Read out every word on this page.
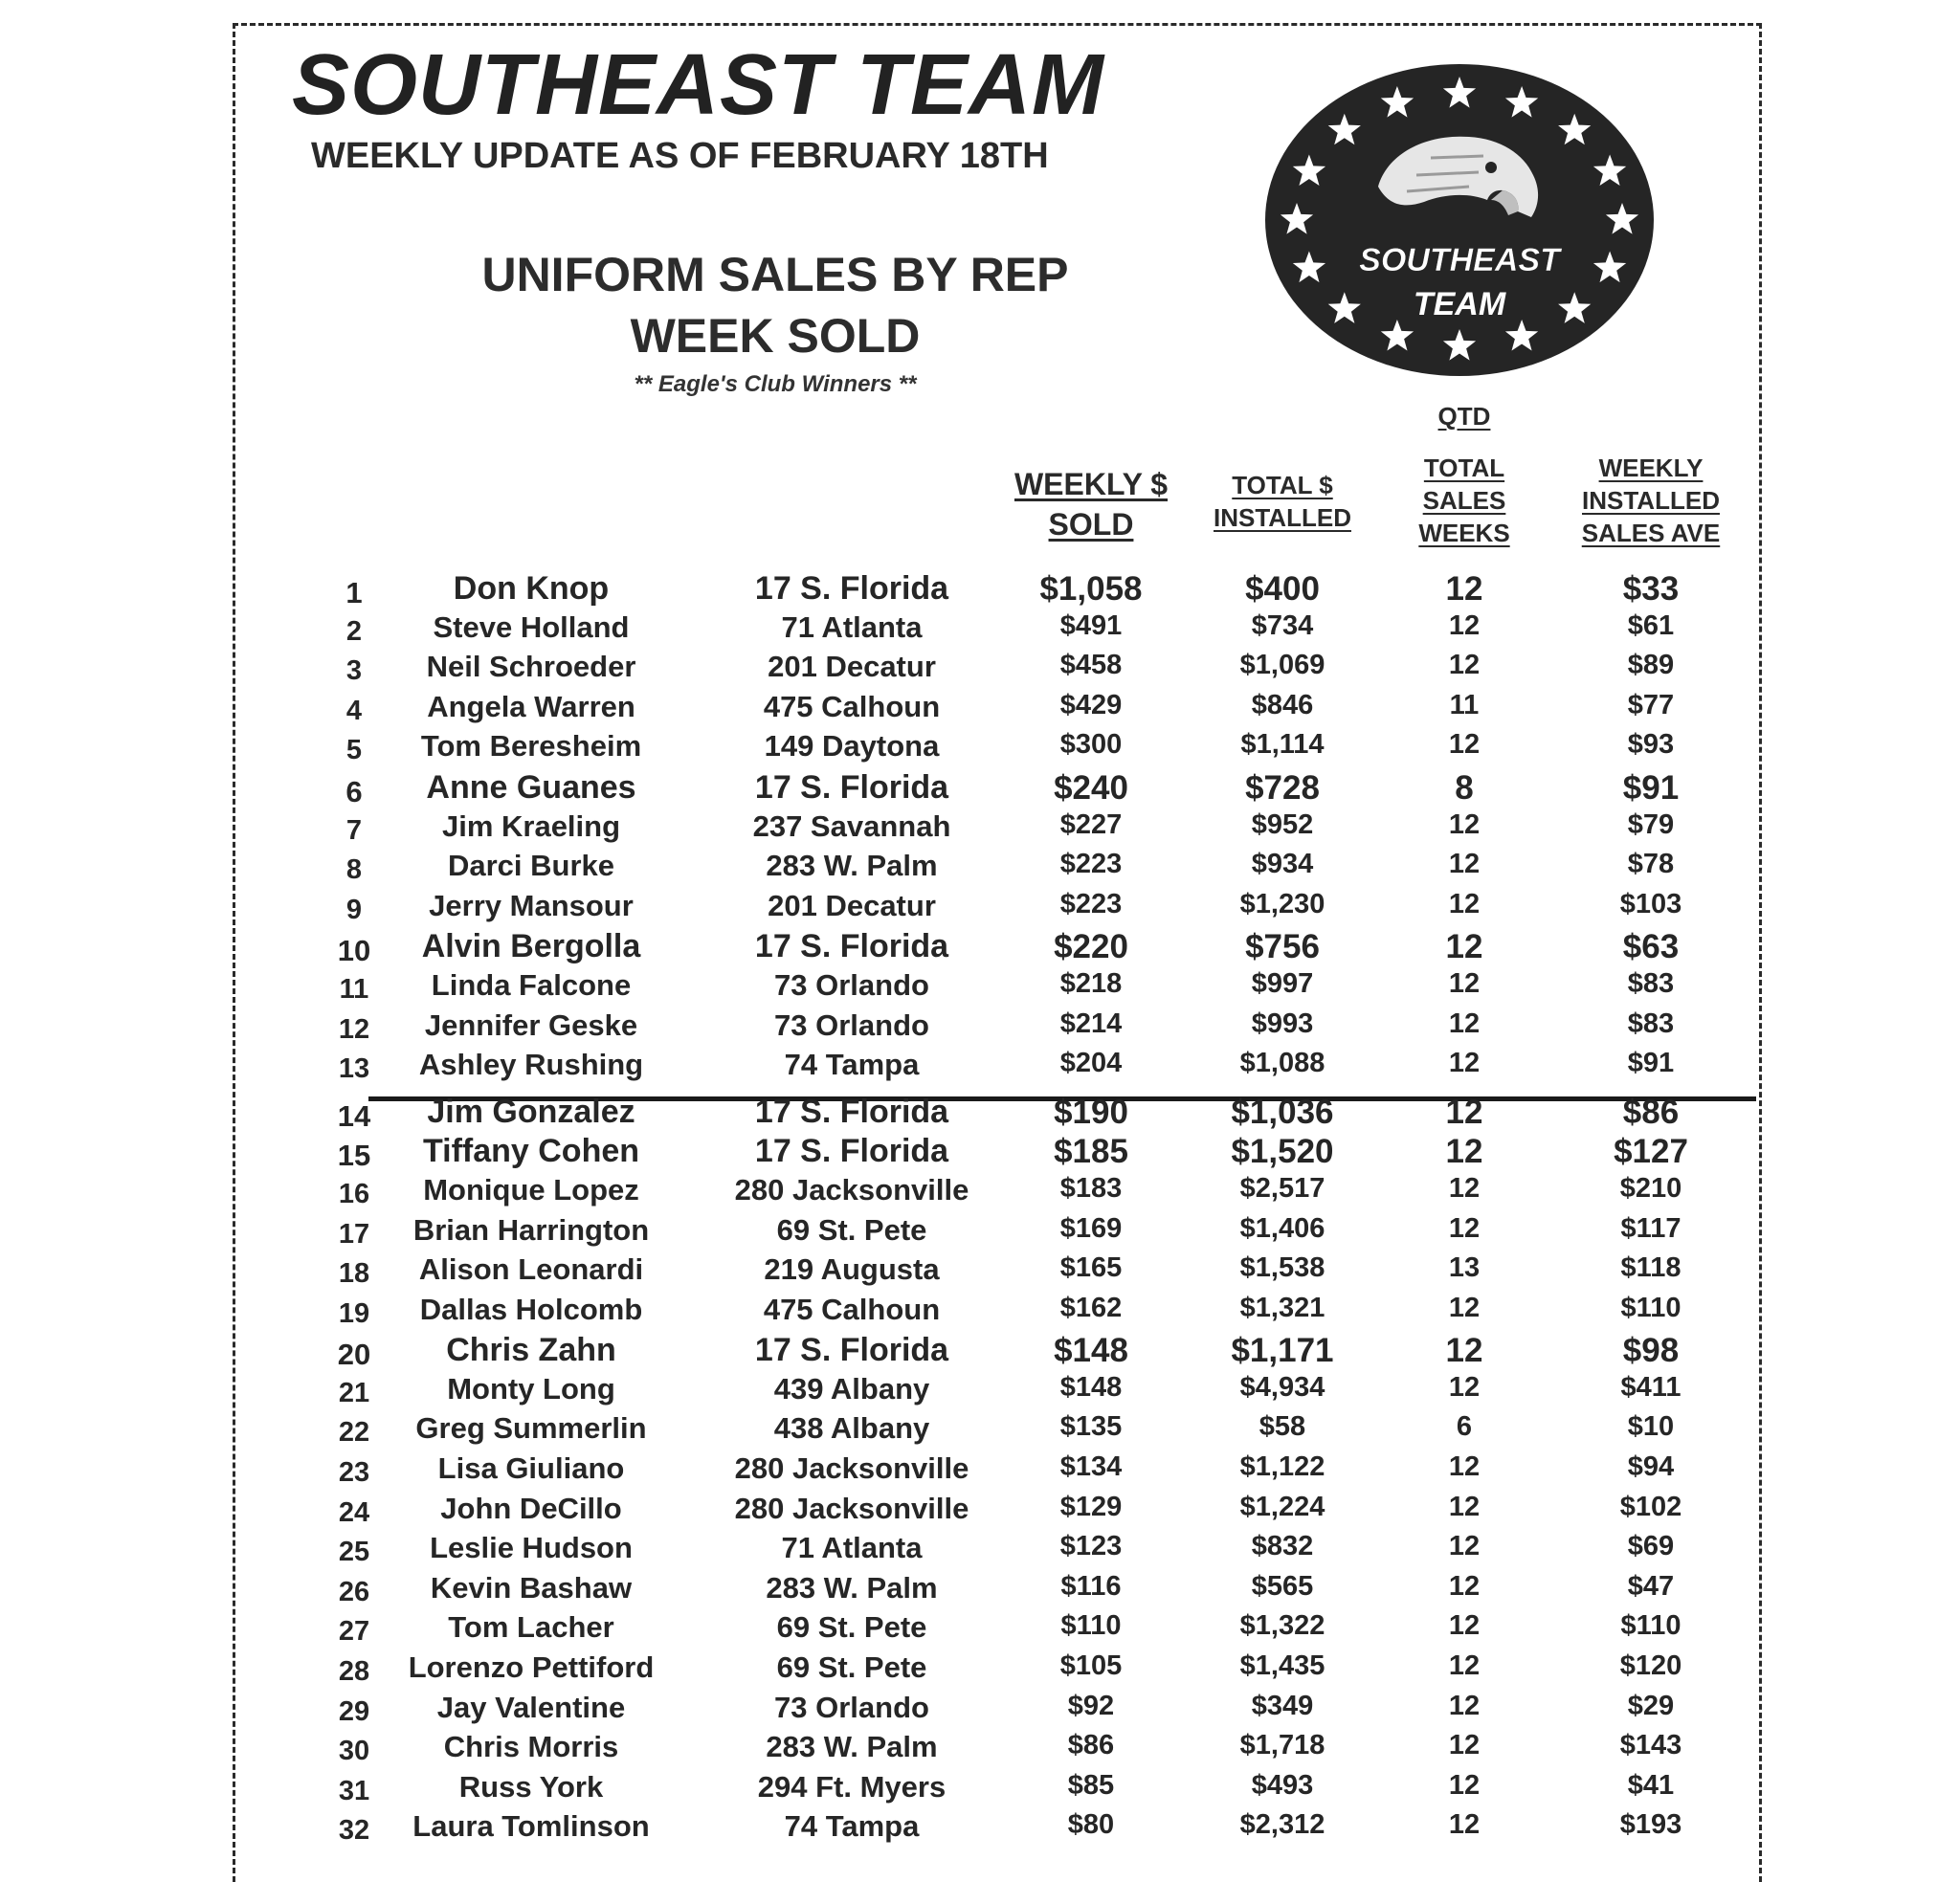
SOUTHEAST TEAM
WEEKLY UPDATE AS OF FEBRUARY 18TH
UNIFORM SALES BY REP
WEEK SOLD
** Eagle's Club Winners **
SOUTHEAST
TEAM
QTD
WEEKLY $
SOLD
TOTAL $
INSTALLED
TOTAL
SALES
WEEKS
WEEKLY
INSTALLED
SALES AVE
1	Don Knop	17 S. Florida	$1,058	$400	12	$33
2	Steve Holland	71 Atlanta	$491	$734	12	$61
3	Neil Schroeder	201 Decatur	$458	$1,069	12	$89
4	Angela Warren	475 Calhoun	$429	$846	11	$77
5	Tom Beresheim	149 Daytona	$300	$1,114	12	$93
6	Anne Guanes	17 S. Florida	$240	$728	8	$91
7	Jim Kraeling	237 Savannah	$227	$952	12	$79
8	Darci Burke	283 W. Palm	$223	$934	12	$78
9	Jerry Mansour	201 Decatur	$223	$1,230	12	$103
10	Alvin Bergolla	17 S. Florida	$220	$756	12	$63
11	Linda Falcone	73 Orlando	$218	$997	12	$83
12	Jennifer Geske	73 Orlando	$214	$993	12	$83
13	Ashley Rushing	74 Tampa	$204	$1,088	12	$91
14	Jim Gonzalez	17 S. Florida	$190	$1,036	12	$86
15	Tiffany Cohen	17 S. Florida	$185	$1,520	12	$127
16	Monique Lopez	280 Jacksonville	$183	$2,517	12	$210
17	Brian Harrington	69 St. Pete	$169	$1,406	12	$117
18	Alison Leonardi	219 Augusta	$165	$1,538	13	$118
19	Dallas Holcomb	475 Calhoun	$162	$1,321	12	$110
20	Chris Zahn	17 S. Florida	$148	$1,171	12	$98
21	Monty Long	439 Albany	$148	$4,934	12	$411
22	Greg Summerlin	438 Albany	$135	$58	6	$10
23	Lisa Giuliano	280 Jacksonville	$134	$1,122	12	$94
24	John DeCillo	280 Jacksonville	$129	$1,224	12	$102
25	Leslie Hudson	71 Atlanta	$123	$832	12	$69
26	Kevin Bashaw	283 W. Palm	$116	$565	12	$47
27	Tom Lacher	69 St. Pete	$110	$1,322	12	$110
28	Lorenzo Pettiford	69 St. Pete	$105	$1,435	12	$120
29	Jay Valentine	73 Orlando	$92	$349	12	$29
30	Chris Morris	283 W. Palm	$86	$1,718	12	$143
31	Russ York	294 Ft. Myers	$85	$493	12	$41
32	Laura Tomlinson	74 Tampa	$80	$2,312	12	$193
